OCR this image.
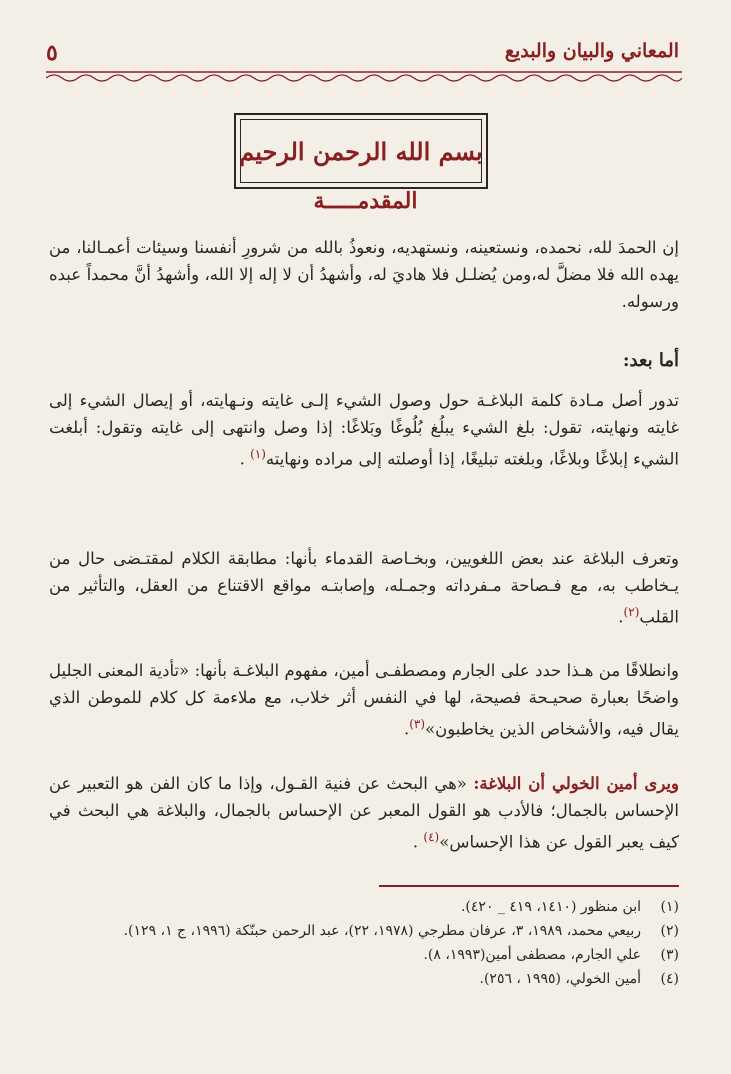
المعاني والبيان والبديع
٥
بسم الله الرحمن الرحيم
المقدمـــــة
إن الحمدَ لله، نحمده، ونستعينه، ونستهديه، ونعوذُ بالله من شرورِ أنفسنا وسيئات أعمـالنا، من يهده الله فلا مضلَّ له،ومن يُضلـل فلا هاديَ له، وأشهدُ أن لا إله إلا الله، وأشهدُ أنَّ محمداً عبده ورسوله.
أما بعد:
تدور أصل مـادة كلمة البلاغـة حول وصول الشيء إلـى غايته ونـهايته، أو إيصال الشيء إلى غايته ونهايته، تقول: بلغ الشيء يبلُغ بُلُوغًا وبَلاغًا: إذا وصل وانتهى إلى غايته وتقول: أبلغت الشيء إبلاغًا وبلاغًا، وبلغته تبليغًا، إذا أوصلته إلى مراده ونهايته$^{(١)}$ .
وتعرف البلاغة عند بعض اللغويين، وبخـاصة القدماء بأنها: مطابقة الكلام لمقتـضى حال من يـخاطب به، مع فـصاحة مـفرداته وجمـله، وإصابتـه مواقع الاقتناع من العقل، والتأثير من القلب$^{(٢)}$.
وانطلاقًا من هـذا حدد على الجارم ومصطفـى أمين، مفهوم البلاغـة بأنها: «تأدية المعنى الجليل واضحًا بعبارة صحيـحة فصيحة، لها في النفس أثر خلاب، مع ملاءمة كل كلام للموطن الذي يقال فيه، والأشخاص الذين يخاطبون»$^{(٣)}$.
ويرى أمين الخولي أن البلاغة: «هي البحث عن فنية القـول، وإذا ما كان الفن هو التعبير عن الإحساس بالجمال؛ فالأدب هو القول المعبر عن الإحساس بالجمال، والبلاغة هي البحث في كيف يعبر القول عن هذا الإحساس»$^{(٤)}$ .
(١)
ابن منظور (١٤١٠، ٤١٩ _ ٤٢٠).
(٢)
ربيعي محمد، ١٩٨٩، ٣، عرفان مطرجي (١٩٧٨، ٢٢)، عبد الرحمن حبنّكة (١٩٩٦، ج ١، ١٢٩).
(٣)
علي الجارم، مصطفى أمين(١٩٩٣، ٨).
(٤)
أمين الخولي، (١٩٩٥ ، ٢٥٦).
